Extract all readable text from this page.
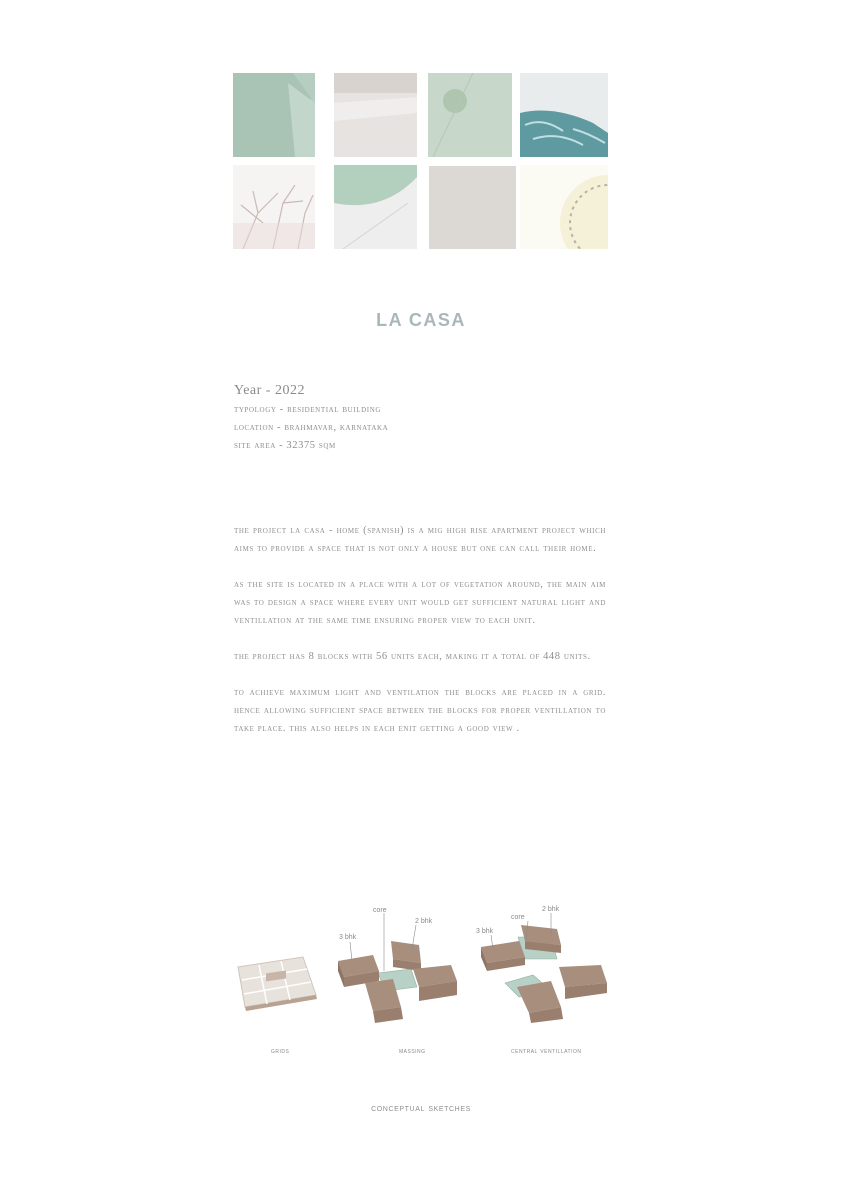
LA CASA
Year - 2022
typology - residential building
location - brahmavar, karnataka
site area - 32375 sqm

the project la casa - home (spanish) is a mig high rise apartment project which aims to provide a space that is not only a house but one can call their home.

as the site is located in a place with a lot of vegetation around, the main aim was to design a space where every unit would get sufficient natural light and ventillation at the same time ensuring proper view to each unit.

the project has 8 blocks with 56 units each, making it a total of 448 units.

to achieve maximum light and ventilation the blocks are placed in a grid. hence allowing sufficient space between the blocks for proper ventillation to take place. this also helps in each enit getting a good view .

core
2 bhk
3 bhk
core
2 bhk
3 bhk
grids	massing	central ventillation
conceptual sketches
